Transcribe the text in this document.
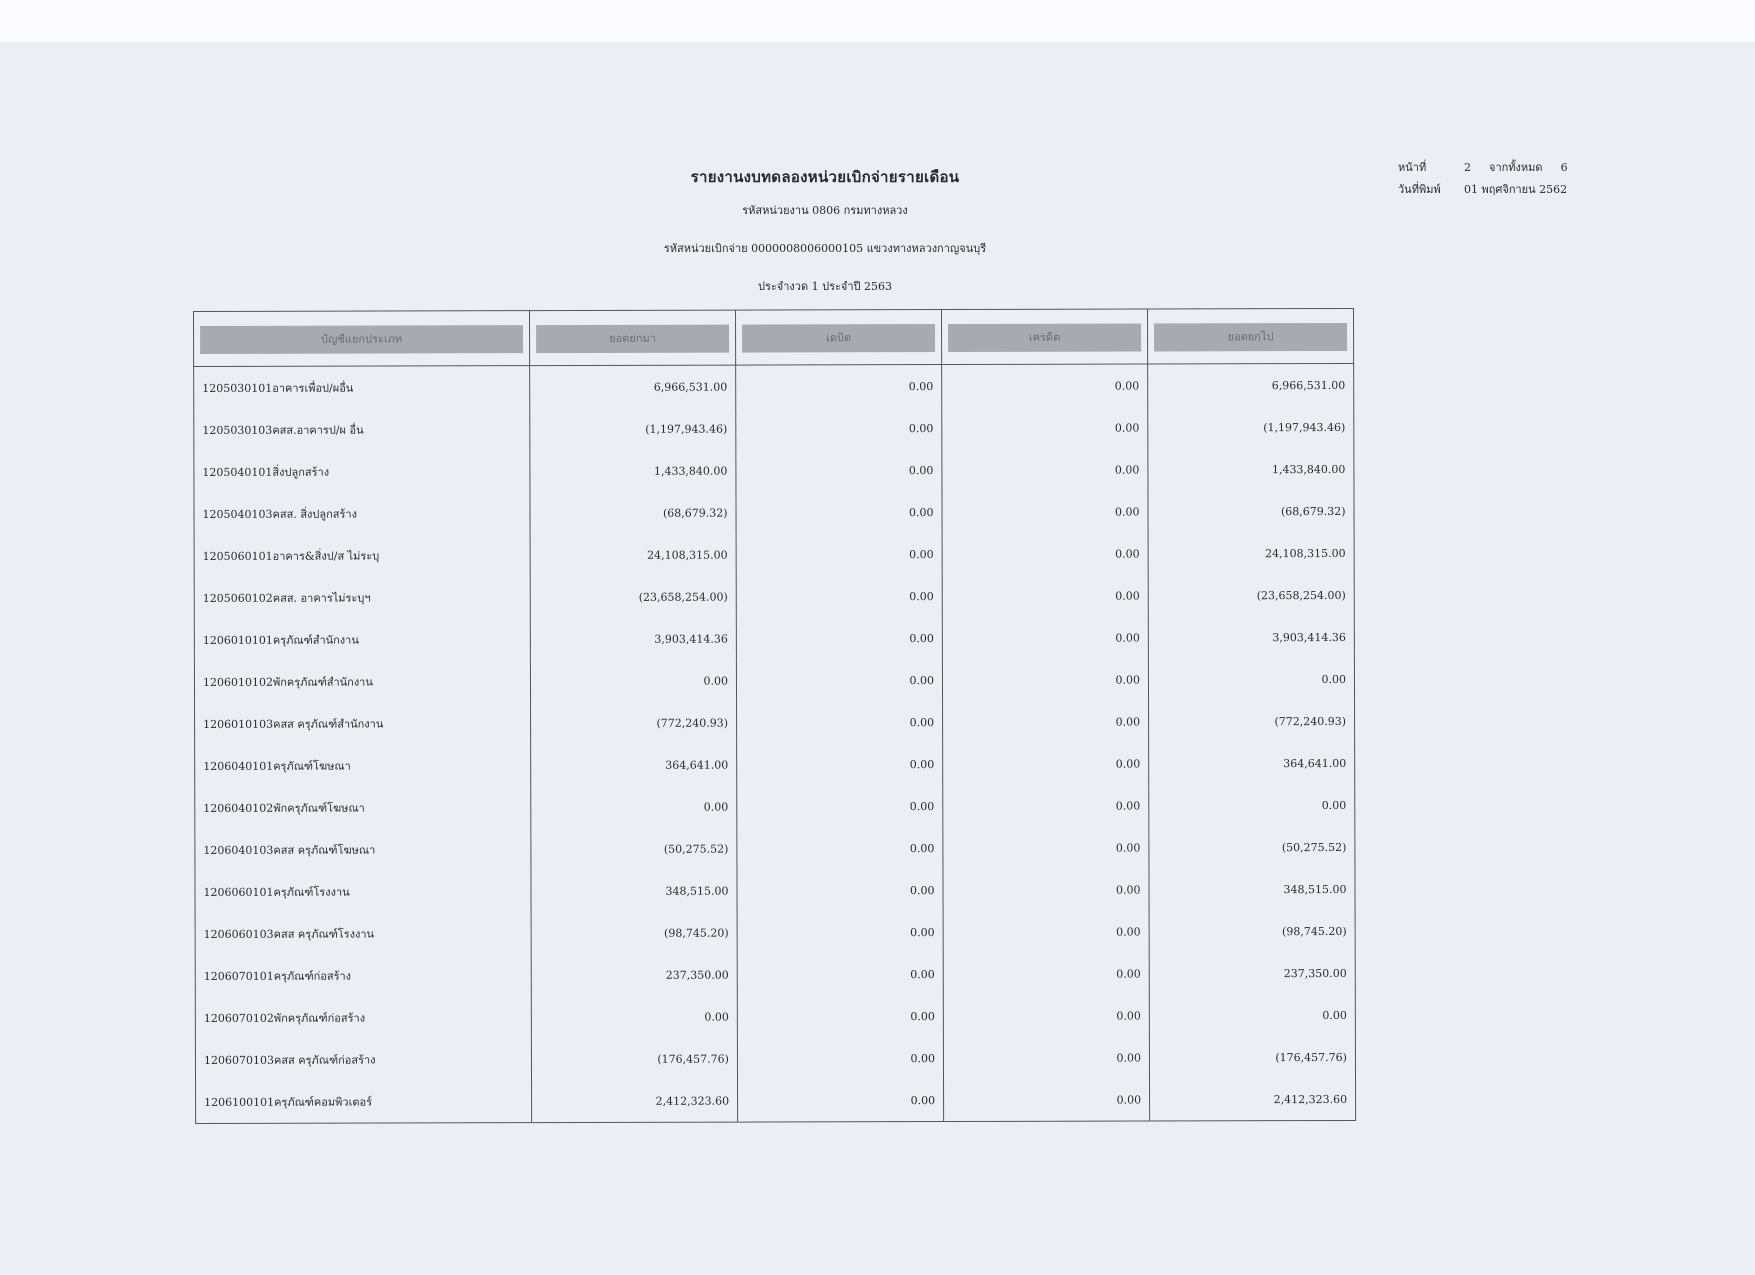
รายงานงบทดลองหน่วยเบิกจ่ายรายเดือน
รหัสหน่วยงาน 0806 กรมทางหลวง
รหัสหน่วยเบิกจ่าย 0000008006000105 แขวงทางหลวงกาญจนบุรี
ประจำงวด 1 ประจำปี 2563
หน้าที่	2 จากทั้งหมด 6
วันที่พิมพ์	01 พฤศจิกายน 2562
บัญชีแยกประเภท	ยอดยกมา	เดบิต	เครดิต	ยอดยกไป

1205030101อาคารเพื่อป/ผอื่น	6,966,531.00	0.00	0.00	6,966,531.00
1205030103คสส.อาคารป/ผ อื่น	(1,197,943.46)	0.00	0.00	(1,197,943.46)
1205040101สิ่งปลูกสร้าง	1,433,840.00	0.00	0.00	1,433,840.00
1205040103คสส. สิ่งปลูกสร้าง	(68,679.32)	0.00	0.00	(68,679.32)
1205060101อาคาร&สิ่งป/ส ไม่ระบุ	24,108,315.00	0.00	0.00	24,108,315.00
1205060102คสส. อาคารไม่ระบุฯ	(23,658,254.00)	0.00	0.00	(23,658,254.00)
1206010101ครุภัณฑ์สำนักงาน	3,903,414.36	0.00	0.00	3,903,414.36
1206010102พักครุภัณฑ์สำนักงาน	0.00	0.00	0.00	0.00
1206010103คสส ครุภัณฑ์สำนักงาน	(772,240.93)	0.00	0.00	(772,240.93)
1206040101ครุภัณฑ์โฆษณา	364,641.00	0.00	0.00	364,641.00
1206040102พักครุภัณฑ์โฆษณา	0.00	0.00	0.00	0.00
1206040103คสส ครุภัณฑ์โฆษณา	(50,275.52)	0.00	0.00	(50,275.52)
1206060101ครุภัณฑ์โรงงาน	348,515.00	0.00	0.00	348,515.00
1206060103คสส ครุภัณฑ์โรงงาน	(98,745.20)	0.00	0.00	(98,745.20)
1206070101ครุภัณฑ์ก่อสร้าง	237,350.00	0.00	0.00	237,350.00
1206070102พักครุภัณฑ์ก่อสร้าง	0.00	0.00	0.00	0.00
1206070103คสส ครุภัณฑ์ก่อสร้าง	(176,457.76)	0.00	0.00	(176,457.76)
1206100101ครุภัณฑ์คอมพิวเตอร์	2,412,323.60	0.00	0.00	2,412,323.60
